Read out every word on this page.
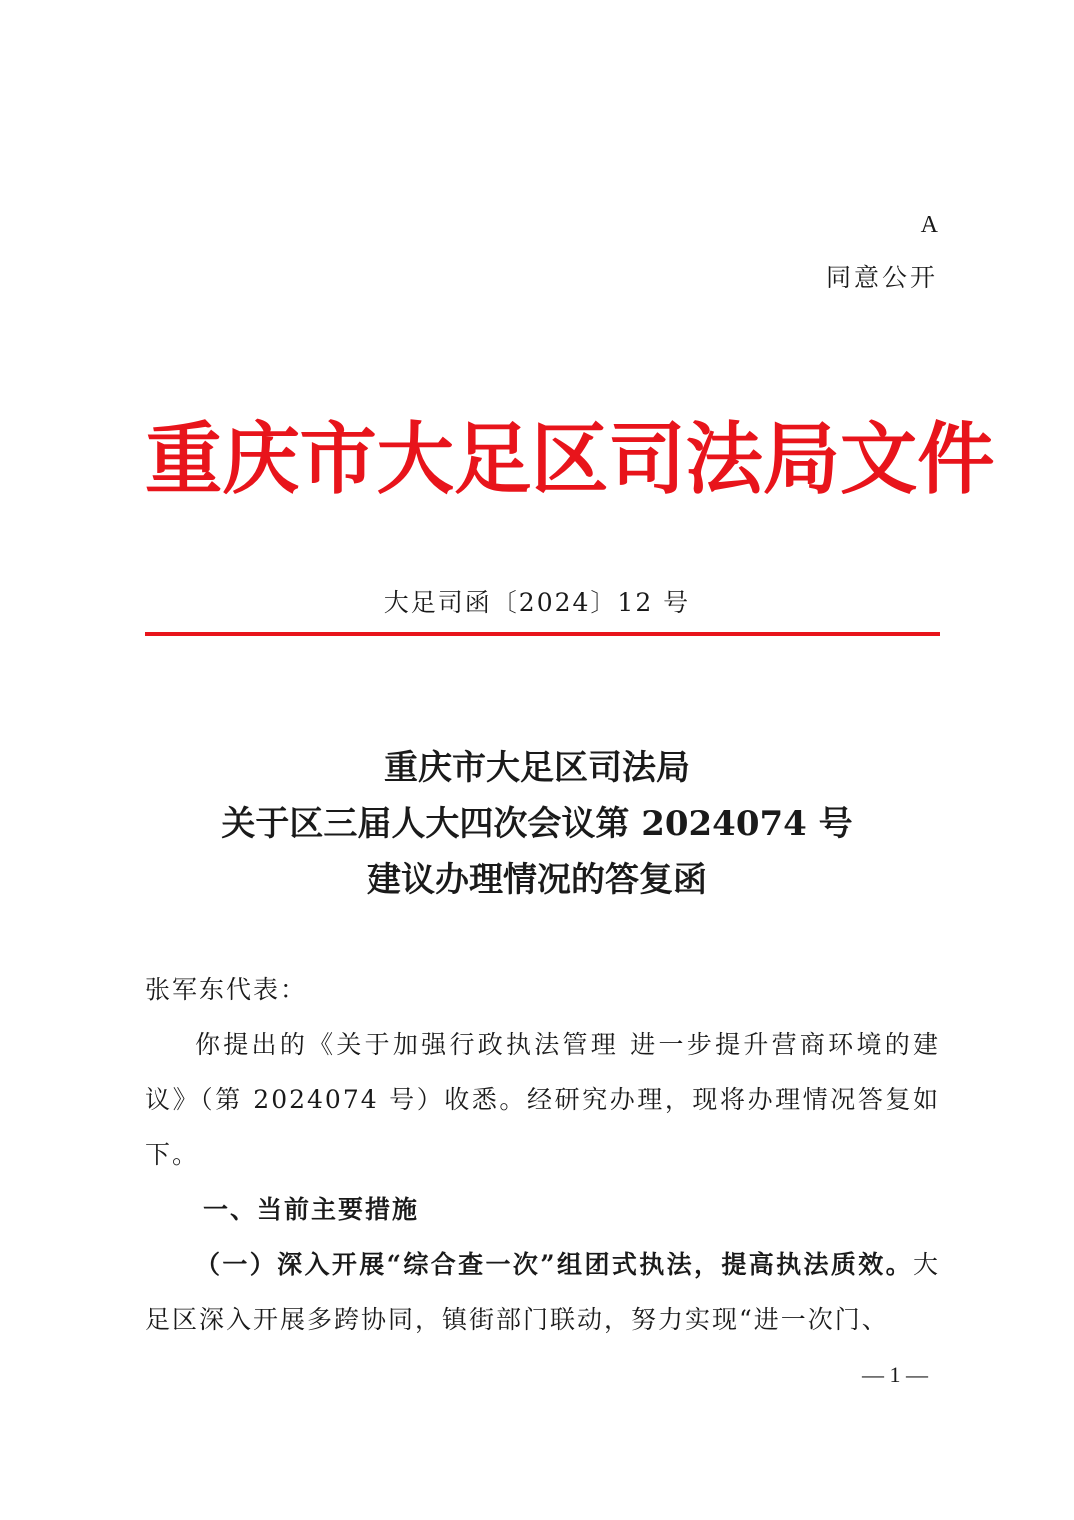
A
同意公开
重庆市大足区司法局文件
大足司函〔2024〕12 号
重庆市大足区司法局
关于区三届人大四次会议第 2024074 号
建议办理情况的答复函
张军东代表：
你提出的《关于加强行政执法管理 进一步提升营商环境的建议》（第 2024074 号）收悉。经研究办理，现将办理情况答复如下。
一、当前主要措施
（一）深入开展“综合查一次”组团式执法，提高执法质效。大足区深入开展多跨协同，镇街部门联动，努力实现“进一次门、
— 1 —
